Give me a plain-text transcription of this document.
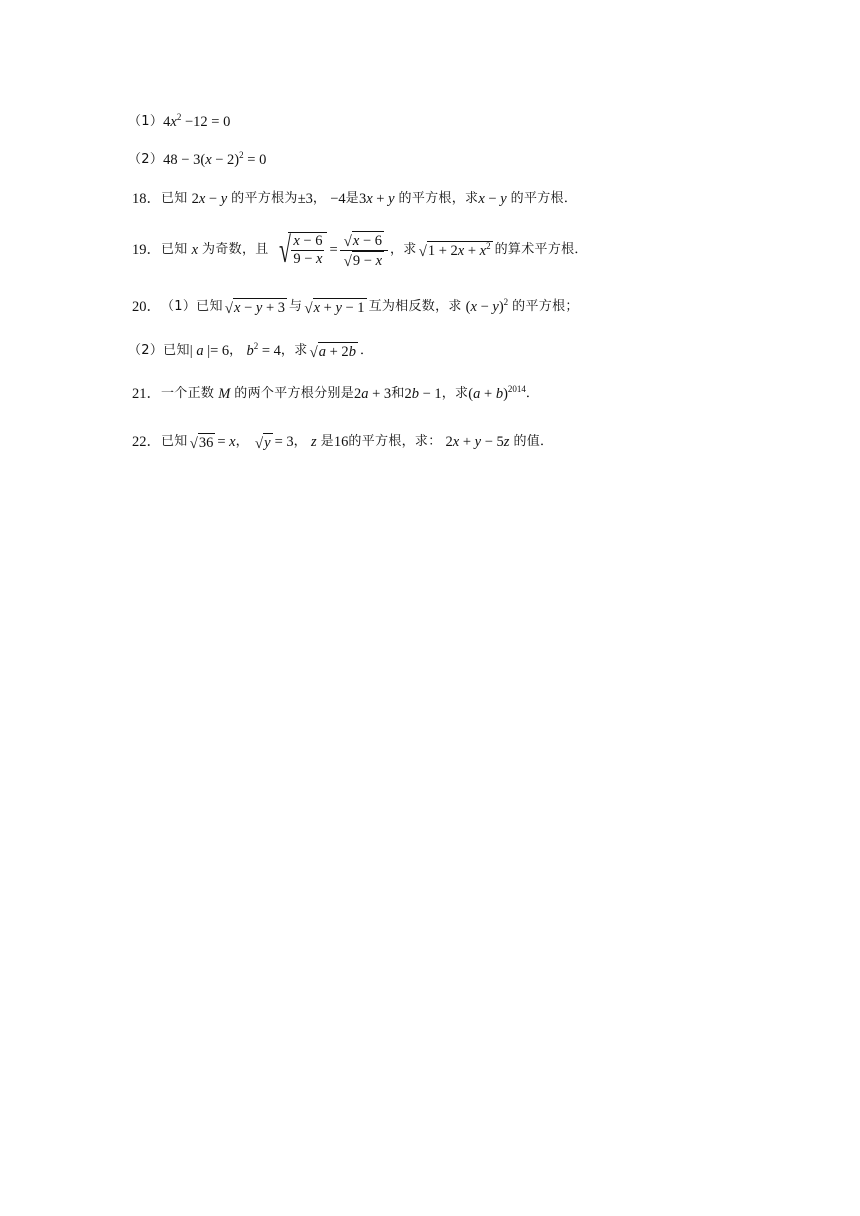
（1） $4x^2 -12 = 0$
（2） $48 - 3(x - 2)^2 = 0$
18． 已知 2x − y 的平方根为 ±3 ， −4 是 3x + y 的平方根，求 x − y 的平方根．
19． 已知 x 为奇数，且 √ $\frac{x - 6}{9 - x} = \frac{√ x - 6}{√ 9 - x}$ ，求 √ $1 + 2x + x^2$ 的算术平方根．
20． （1）已知 √ x − y + 3 与 √ x + y − 1 互为相反数，求 $(x - y)^2$ 的平方根；
（2） 已知 | a |= 6 ， $b^2 = 4$ ，求 √ a + 2b ．
21． 一个正数 M 的两个平方根分别是 2a + 3 和 2b − 1 ，求 $(a + b)^{2014}$ ．
22． 已知 √ 36 = x ， √ y = 3 ， z 是 16 的平方根，求： 2x + y − 5z 的值．
